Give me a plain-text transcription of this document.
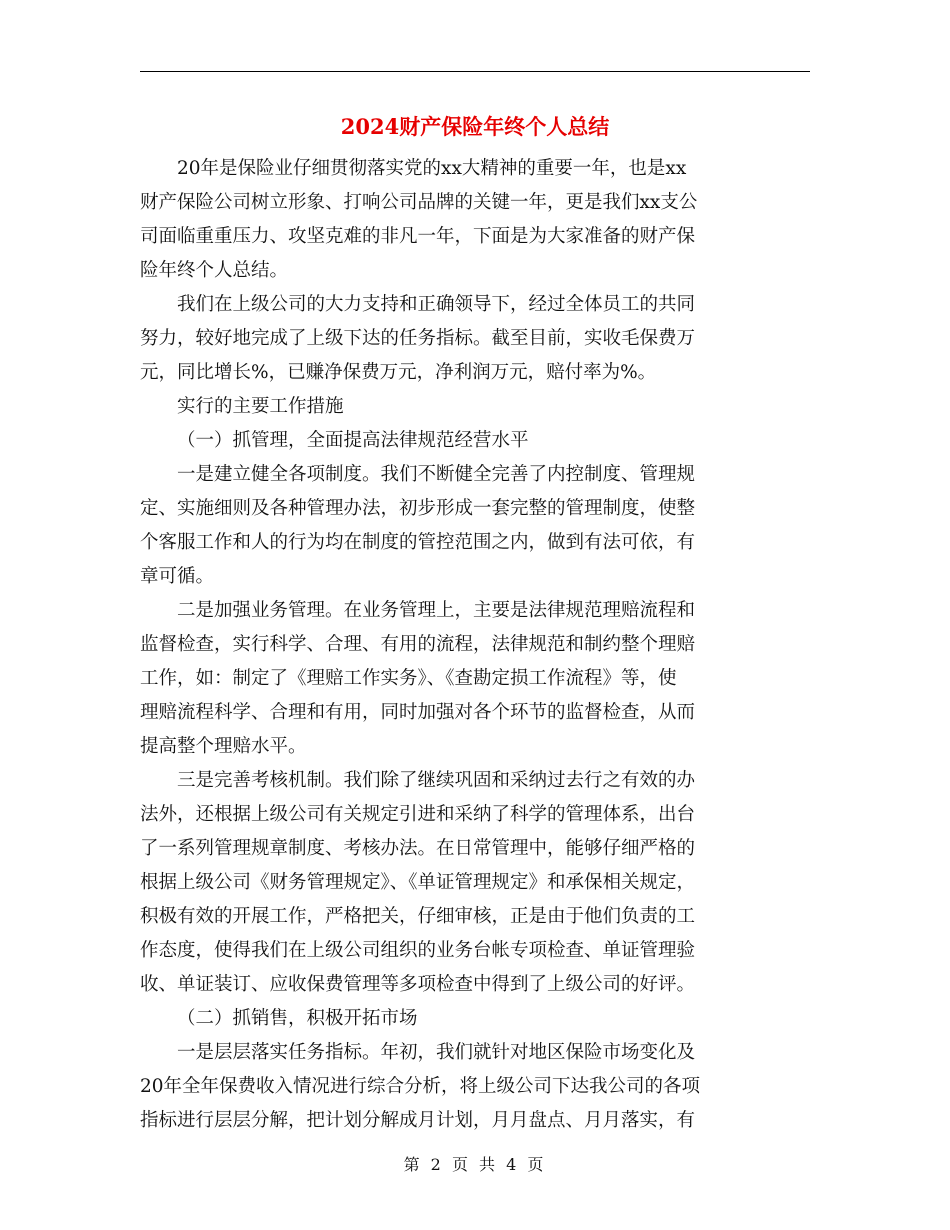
2024财产保险年终个人总结
20年是保险业仔细贯彻落实党的xx大精神的重要一年，也是xx
财产保险公司树立形象、打响公司品牌的关键一年，更是我们xx支公
司面临重重压力、攻坚克难的非凡一年，下面是为大家准备的财产保
险年终个人总结。
我们在上级公司的大力支持和正确领导下，经过全体员工的共同
努力，较好地完成了上级下达的任务指标。截至目前，实收毛保费万
元，同比增长%，已赚净保费万元，净利润万元，赔付率为%。
实行的主要工作措施
（一）抓管理，全面提高法律规范经营水平
一是建立健全各项制度。我们不断健全完善了内控制度、管理规
定、实施细则及各种管理办法，初步形成一套完整的管理制度，使整
个客服工作和人的行为均在制度的管控范围之内，做到有法可依，有
章可循。
二是加强业务管理。在业务管理上，主要是法律规范理赔流程和
监督检查，实行科学、合理、有用的流程，法律规范和制约整个理赔
工作，如：制定了《理赔工作实务》、《查勘定损工作流程》等，使
理赔流程科学、合理和有用，同时加强对各个环节的监督检查，从而
提高整个理赔水平。
三是完善考核机制。我们除了继续巩固和采纳过去行之有效的办
法外，还根据上级公司有关规定引进和采纳了科学的管理体系，出台
了一系列管理规章制度、考核办法。在日常管理中，能够仔细严格的
根据上级公司《财务管理规定》、《单证管理规定》和承保相关规定，
积极有效的开展工作，严格把关，仔细审核，正是由于他们负责的工
作态度，使得我们在上级公司组织的业务台帐专项检查、单证管理验
收、单证装订、应收保费管理等多项检查中得到了上级公司的好评。
（二）抓销售，积极开拓市场
一是层层落实任务指标。年初，我们就针对地区保险市场变化及
20年全年保费收入情况进行综合分析，将上级公司下达我公司的各项
指标进行层层分解，把计划分解成月计划，月月盘点、月月落实，有
第 2 页 共 4 页
